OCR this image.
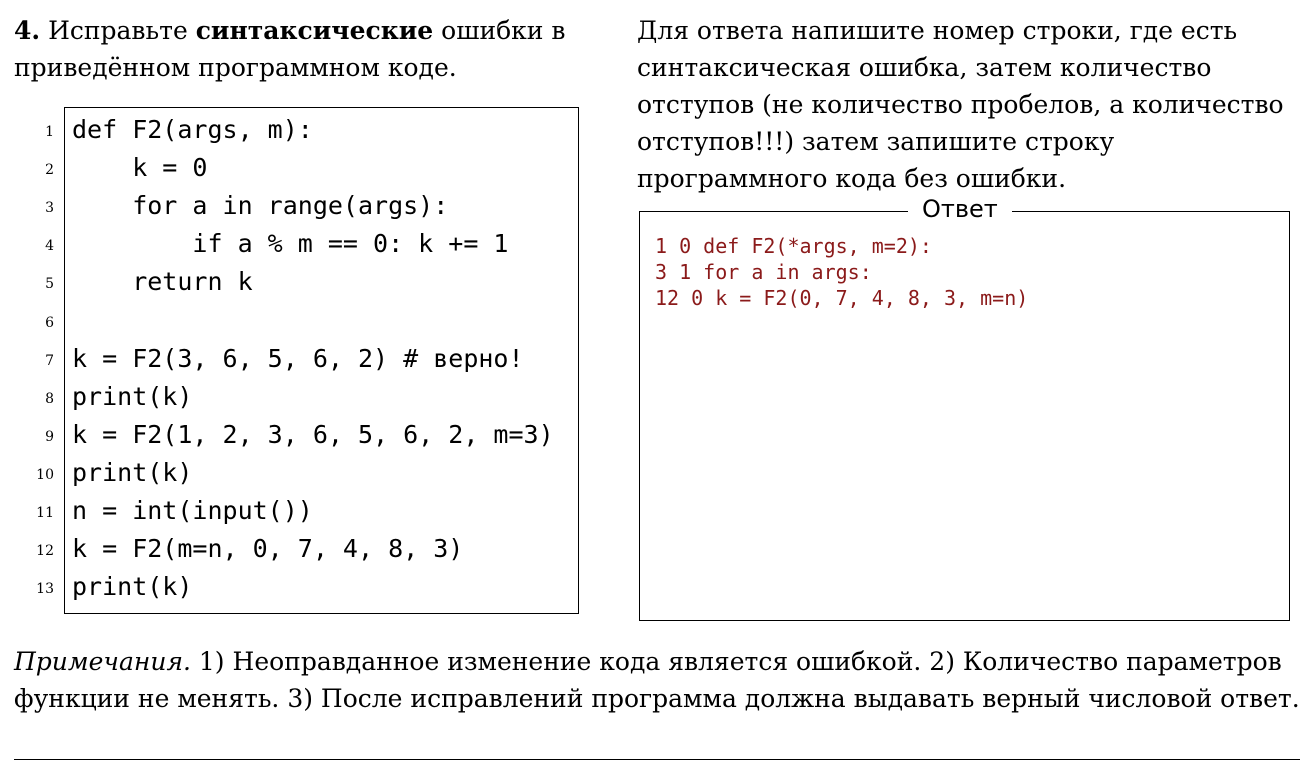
4. Исправьте синтаксические ошибки в приведённом программном коде.
Для ответа напишите номер строки, где есть синтаксическая ошибка, затем количество отступов (не количество пробелов, а количество отступов!!!) затем запишите строку программного кода без ошибки.
1 def F2(args, m):
2 k = 0
3 for a in range(args):
4 if a % m == 0: k += 1
5 return k
6
7 k = F2(3, 6, 5, 6, 2) # верно!
8 print(k)
9 k = F2(1, 2, 3, 6, 5, 6, 2, m=3)
10 print(k)
11 n = int(input())
12 k = F2(m=n, 0, 7, 4, 8, 3)
13 print(k)
Ответ
1 0 def F2(*args, m=2):
3 1 for a in args:
12 0 k = F2(0, 7, 4, 8, 3, m=n)
Примечания. 1) Неоправданное изменение кода является ошибкой. 2) Количество параметров функции не менять. 3) После исправлений программа должна выдавать верный числовой ответ.
